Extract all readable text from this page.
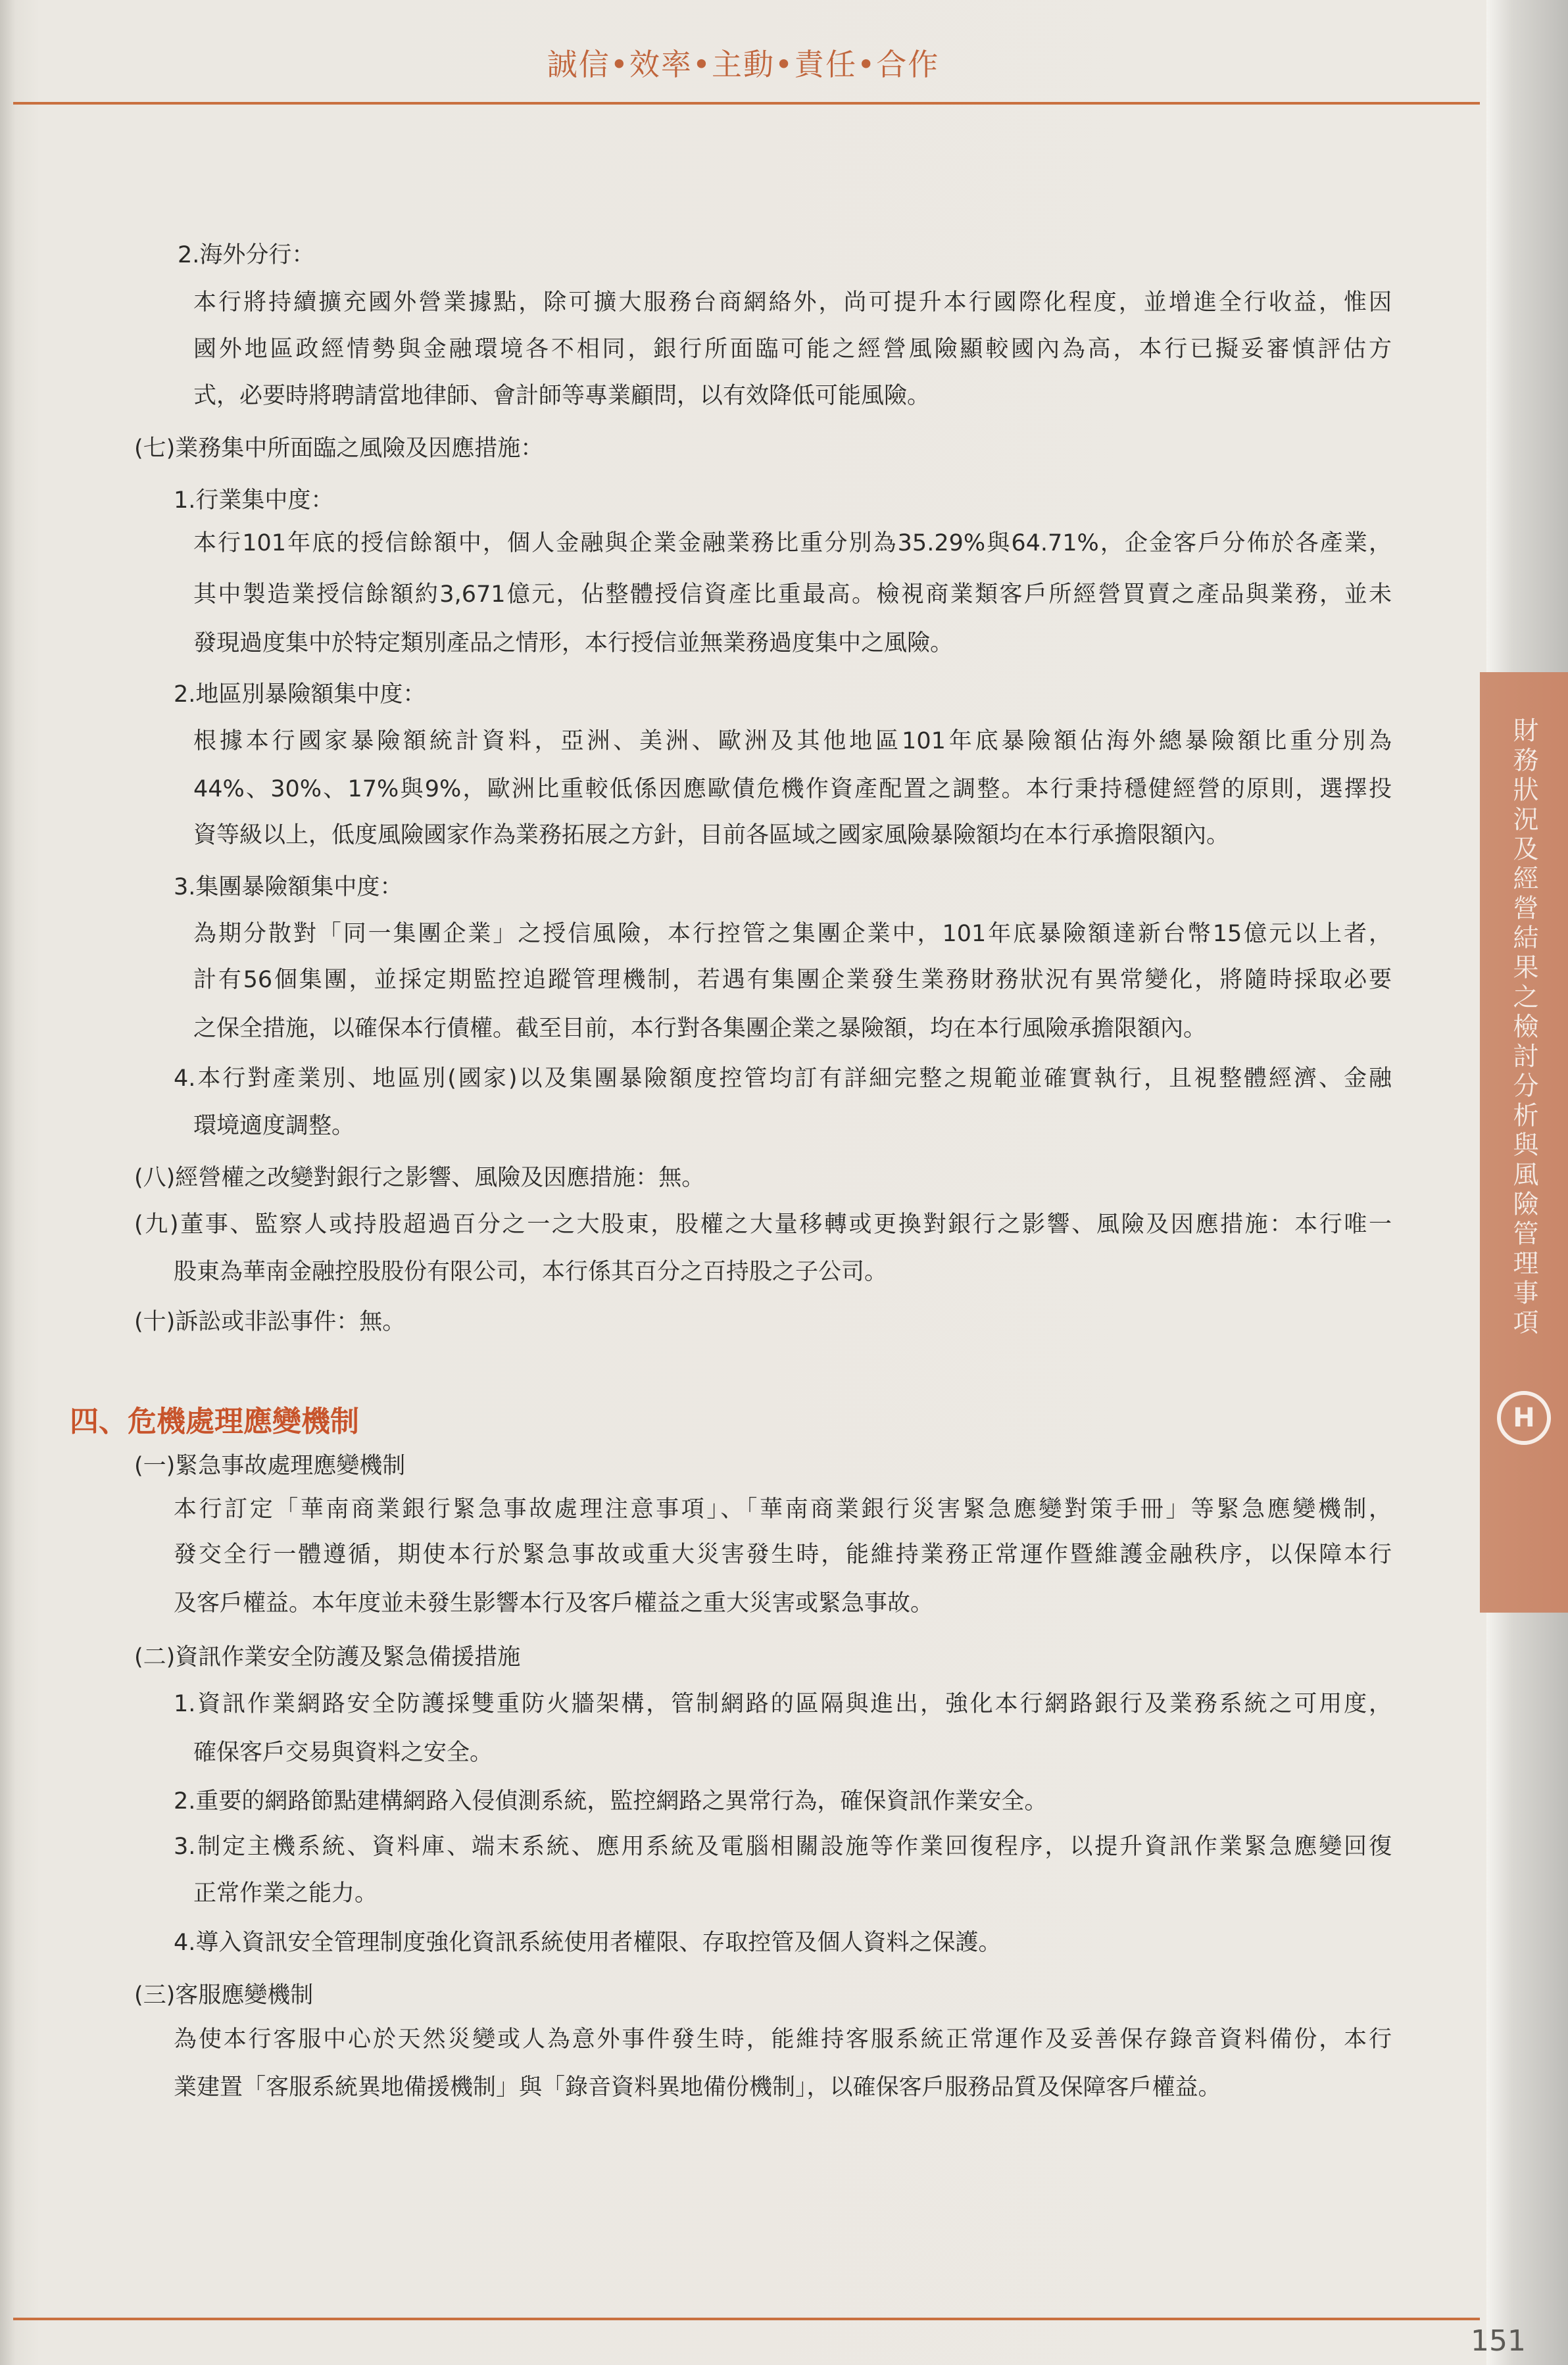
誠信•效率•主動•責任•合作
財務狀況及經營結果之檢討分析與風險管理事項
H
2.海外分行：
本行將持續擴充國外營業據點，除可擴大服務台商網絡外，尚可提升本行國際化程度，並增進全行收益，惟因
國外地區政經情勢與金融環境各不相同，銀行所面臨可能之經營風險顯較國內為高，本行已擬妥審慎評估方
式，必要時將聘請當地律師、會計師等專業顧問，以有效降低可能風險。
(七)業務集中所面臨之風險及因應措施：
1.行業集中度：
本行101年底的授信餘額中，個人金融與企業金融業務比重分別為35.29%與64.71%，企金客戶分佈於各產業，
其中製造業授信餘額約3,671億元，佔整體授信資產比重最高。檢視商業類客戶所經營買賣之產品與業務，並未
發現過度集中於特定類別產品之情形，本行授信並無業務過度集中之風險。
2.地區別暴險額集中度：
根據本行國家暴險額統計資料，亞洲、美洲、歐洲及其他地區101年底暴險額佔海外總暴險額比重分別為
44%、30%、17%與9%，歐洲比重較低係因應歐債危機作資產配置之調整。本行秉持穩健經營的原則，選擇投
資等級以上，低度風險國家作為業務拓展之方針，目前各區域之國家風險暴險額均在本行承擔限額內。
3.集團暴險額集中度：
為期分散對「同一集團企業」之授信風險，本行控管之集團企業中，101年底暴險額達新台幣15億元以上者，
計有56個集團，並採定期監控追蹤管理機制，若遇有集團企業發生業務財務狀況有異常變化，將隨時採取必要
之保全措施，以確保本行債權。截至目前，本行對各集團企業之暴險額，均在本行風險承擔限額內。
4.本行對產業別、地區別(國家)以及集團暴險額度控管均訂有詳細完整之規範並確實執行，且視整體經濟、金融
環境適度調整。
(八)經營權之改變對銀行之影響、風險及因應措施：無。
(九)董事、監察人或持股超過百分之一之大股東，股權之大量移轉或更換對銀行之影響、風險及因應措施：本行唯一
股東為華南金融控股股份有限公司，本行係其百分之百持股之子公司。
(十)訴訟或非訟事件：無。
四、危機處理應變機制
(一)緊急事故處理應變機制
本行訂定「華南商業銀行緊急事故處理注意事項」、「華南商業銀行災害緊急應變對策手冊」等緊急應變機制，
發交全行一體遵循，期使本行於緊急事故或重大災害發生時，能維持業務正常運作暨維護金融秩序，以保障本行
及客戶權益。本年度並未發生影響本行及客戶權益之重大災害或緊急事故。
(二)資訊作業安全防護及緊急備援措施
1.資訊作業網路安全防護採雙重防火牆架構，管制網路的區隔與進出，強化本行網路銀行及業務系統之可用度，
確保客戶交易與資料之安全。
2.重要的網路節點建構網路入侵偵測系統，監控網路之異常行為，確保資訊作業安全。
3.制定主機系統、資料庫、端末系統、應用系統及電腦相關設施等作業回復程序，以提升資訊作業緊急應變回復
正常作業之能力。
4.導入資訊安全管理制度強化資訊系統使用者權限、存取控管及個人資料之保護。
(三)客服應變機制
為使本行客服中心於天然災變或人為意外事件發生時，能維持客服系統正常運作及妥善保存錄音資料備份，本行
業建置「客服系統異地備援機制」與「錄音資料異地備份機制」，以確保客戶服務品質及保障客戶權益。
151
